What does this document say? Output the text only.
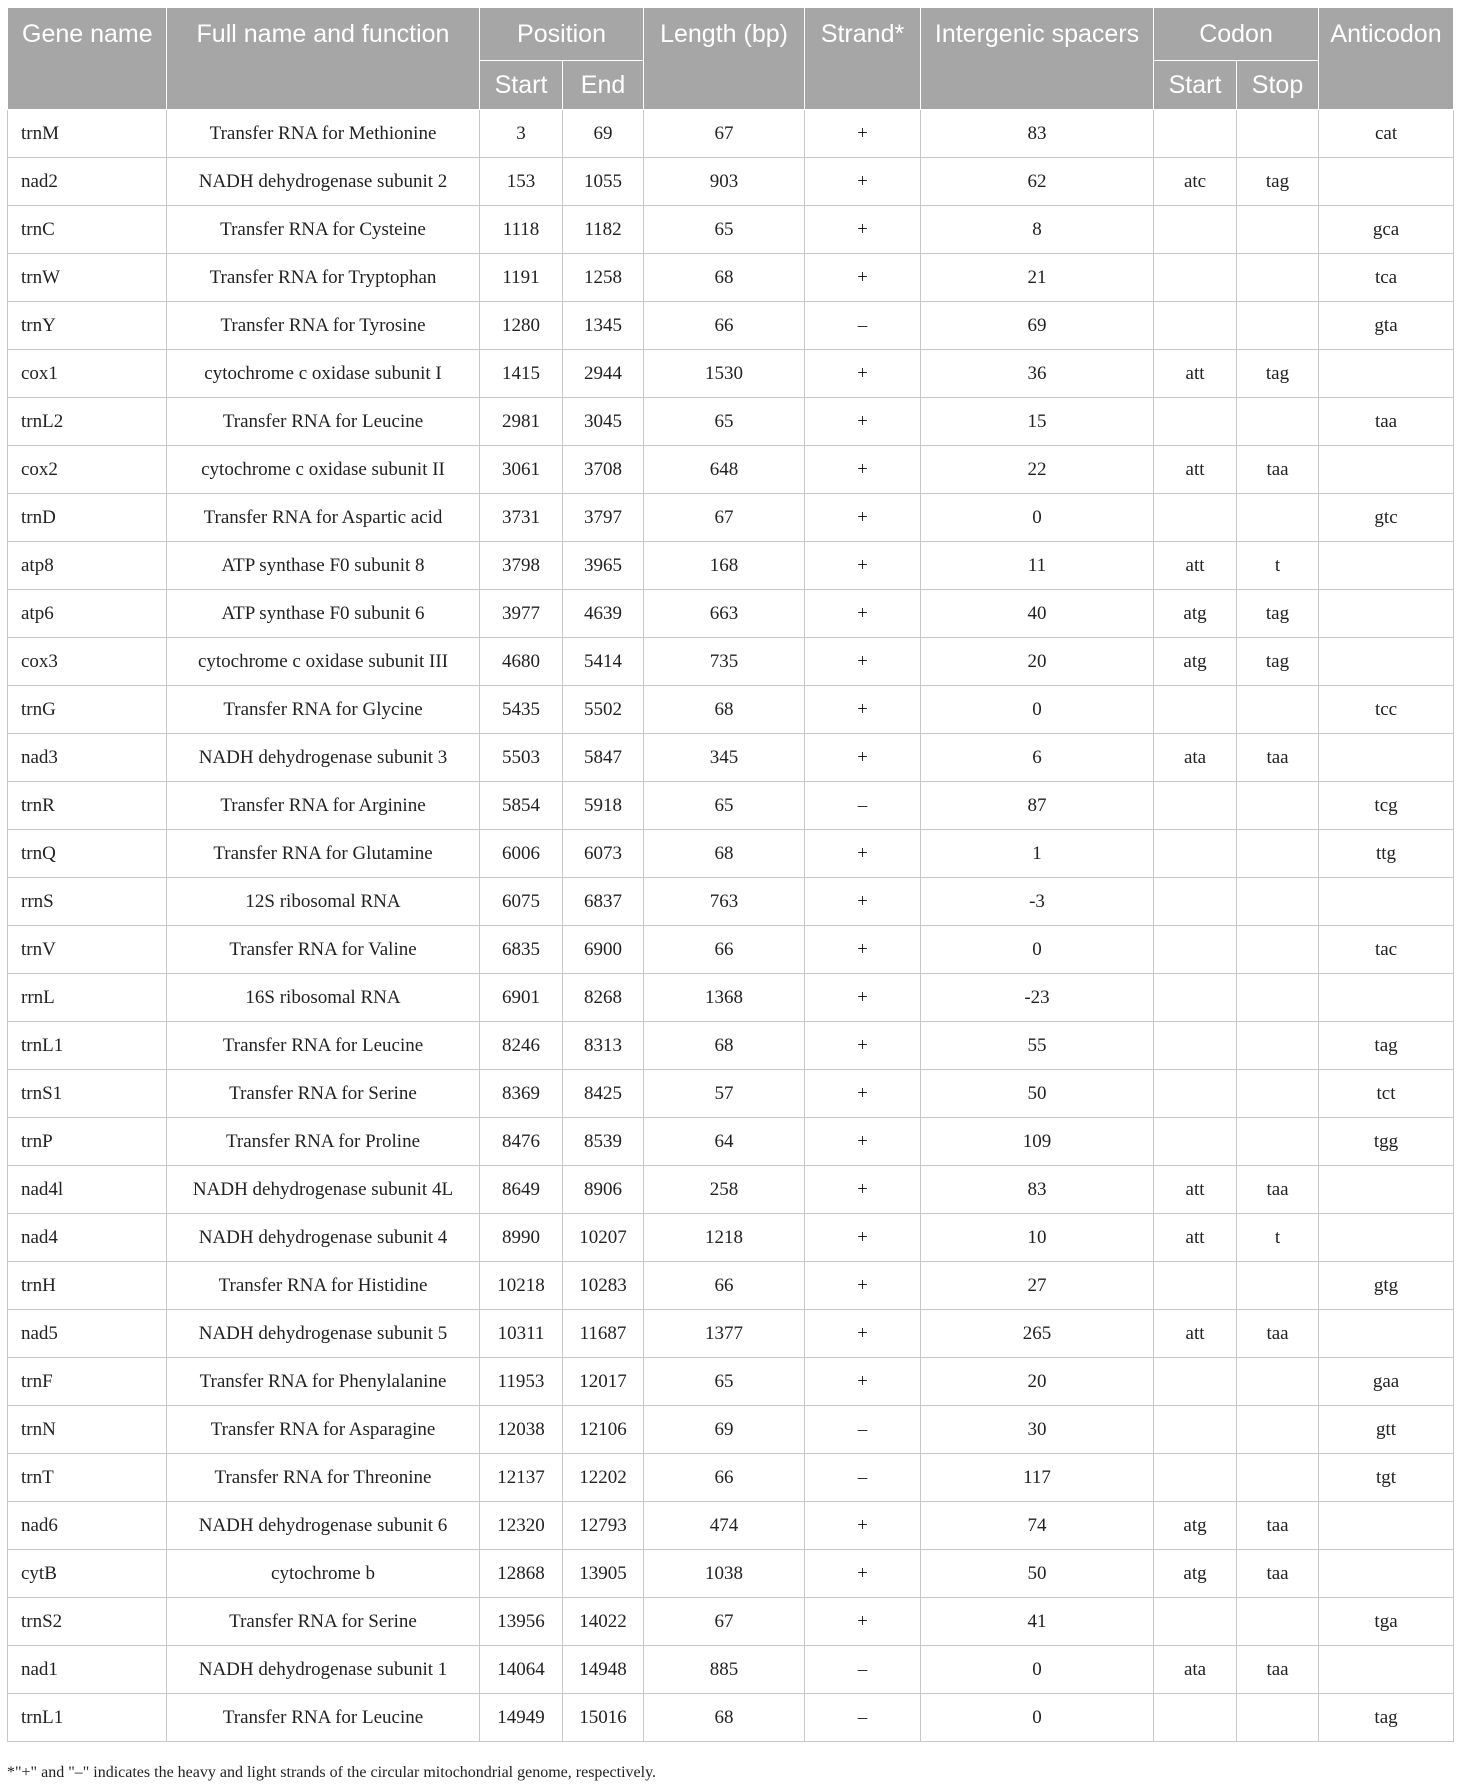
Gene name	Full name and function	Position		Length (bp)	Strand*	Intergenic spacers	Codon		Anticodon
		Start	End				Start	Stop	
trnM	Transfer RNA for Methionine	3	69	67	+	83			cat
nad2	NADH dehydrogenase subunit 2	153	1055	903	+	62	atc	tag	
trnC	Transfer RNA for Cysteine	1118	1182	65	+	8			gca
trnW	Transfer RNA for Tryptophan	1191	1258	68	+	21			tca
trnY	Transfer RNA for Tyrosine	1280	1345	66	–	69			gta
cox1	cytochrome c oxidase subunit I	1415	2944	1530	+	36	att	tag	
trnL2	Transfer RNA for Leucine	2981	3045	65	+	15			taa
cox2	cytochrome c oxidase subunit II	3061	3708	648	+	22	att	taa	
trnD	Transfer RNA for Aspartic acid	3731	3797	67	+	0			gtc
atp8	ATP synthase F0 subunit 8	3798	3965	168	+	11	att	t	
atp6	ATP synthase F0 subunit 6	3977	4639	663	+	40	atg	tag	
cox3	cytochrome c oxidase subunit III	4680	5414	735	+	20	atg	tag	
trnG	Transfer RNA for Glycine	5435	5502	68	+	0			tcc
nad3	NADH dehydrogenase subunit 3	5503	5847	345	+	6	ata	taa	
trnR	Transfer RNA for Arginine	5854	5918	65	–	87			tcg
trnQ	Transfer RNA for Glutamine	6006	6073	68	+	1			ttg
rrnS	12S ribosomal RNA	6075	6837	763	+	-3			
trnV	Transfer RNA for Valine	6835	6900	66	+	0			tac
rrnL	16S ribosomal RNA	6901	8268	1368	+	-23			
trnL1	Transfer RNA for Leucine	8246	8313	68	+	55			tag
trnS1	Transfer RNA for Serine	8369	8425	57	+	50			tct
trnP	Transfer RNA for Proline	8476	8539	64	+	109			tgg
nad4l	NADH dehydrogenase subunit 4L	8649	8906	258	+	83	att	taa	
nad4	NADH dehydrogenase subunit 4	8990	10207	1218	+	10	att	t	
trnH	Transfer RNA for Histidine	10218	10283	66	+	27			gtg
nad5	NADH dehydrogenase subunit 5	10311	11687	1377	+	265	att	taa	
trnF	Transfer RNA for Phenylalanine	11953	12017	65	+	20			gaa
trnN	Transfer RNA for Asparagine	12038	12106	69	–	30			gtt
trnT	Transfer RNA for Threonine	12137	12202	66	–	117			tgt
nad6	NADH dehydrogenase subunit 6	12320	12793	474	+	74	atg	taa	
cytB	cytochrome b	12868	13905	1038	+	50	atg	taa	
trnS2	Transfer RNA for Serine	13956	14022	67	+	41			tga
nad1	NADH dehydrogenase subunit 1	14064	14948	885	–	0	ata	taa	
trnL1	Transfer RNA for Leucine	14949	15016	68	–	0			tag
*"+" and "–" indicates the heavy and light strands of the circular mitochondrial genome, respectively.
